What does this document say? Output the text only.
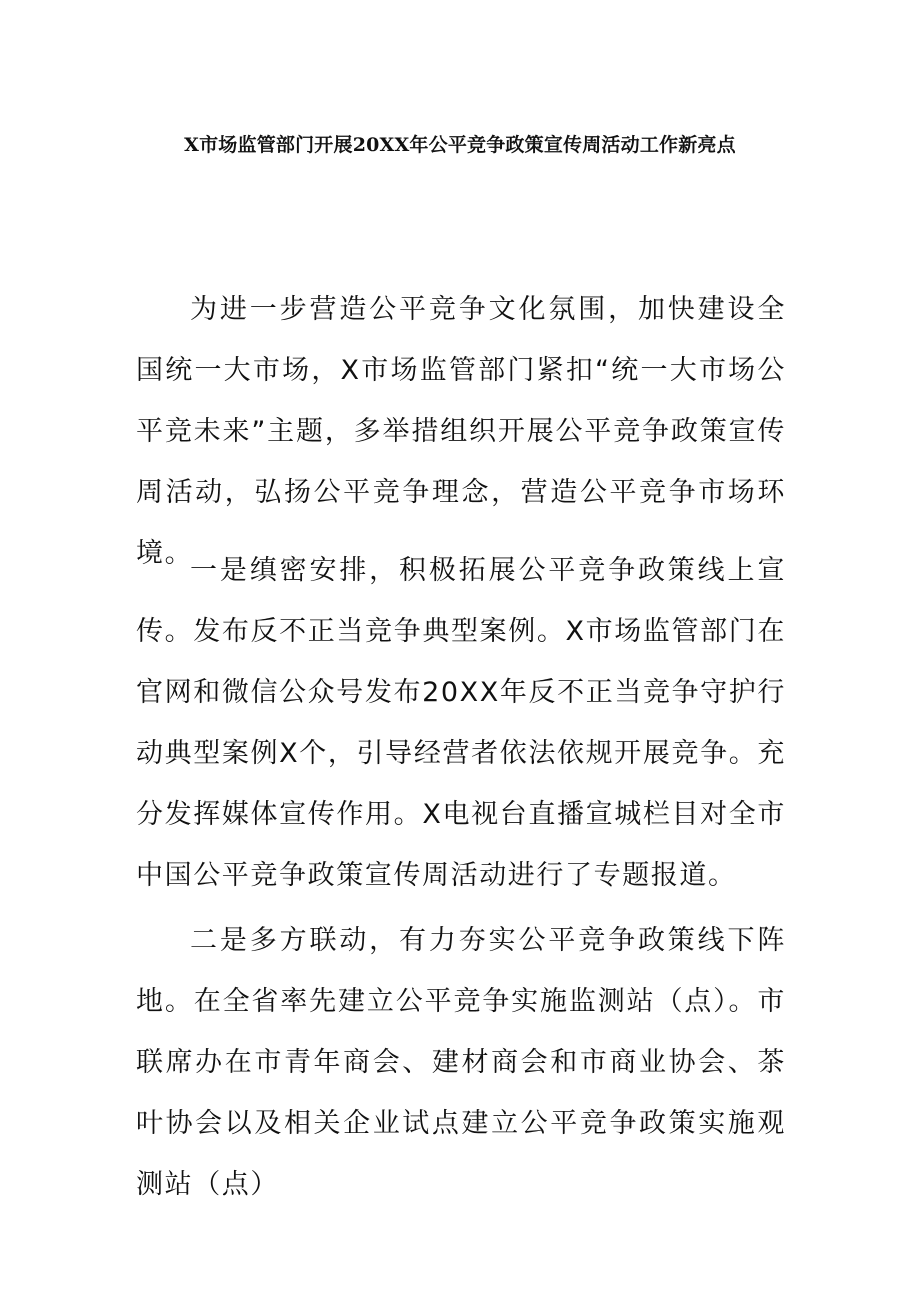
X市场监管部门开展20XX年公平竞争政策宣传周活动工作新亮点

为进一步营造公平竞争文化氛围，加快建设全国统一大市场，X市场监管部门紧扣“统一大市场公平竞未来”主题，多举措组织开展公平竞争政策宣传周活动，弘扬公平竞争理念，营造公平竞争市场环境。

一是缜密安排，积极拓展公平竞争政策线上宣传。发布反不正当竞争典型案例。X市场监管部门在官网和微信公众号发布20XX年反不正当竞争守护行动典型案例X个，引导经营者依法依规开展竞争。充分发挥媒体宣传作用。X电视台直播宣城栏目对全市中国公平竞争政策宣传周活动进行了专题报道。

二是多方联动，有力夯实公平竞争政策线下阵地。在全省率先建立公平竞争实施监测站（点）。市联席办在市青年商会、建材商会和市商业协会、茶叶协会以及相关企业试点建立公平竞争政策实施观测站（点）
